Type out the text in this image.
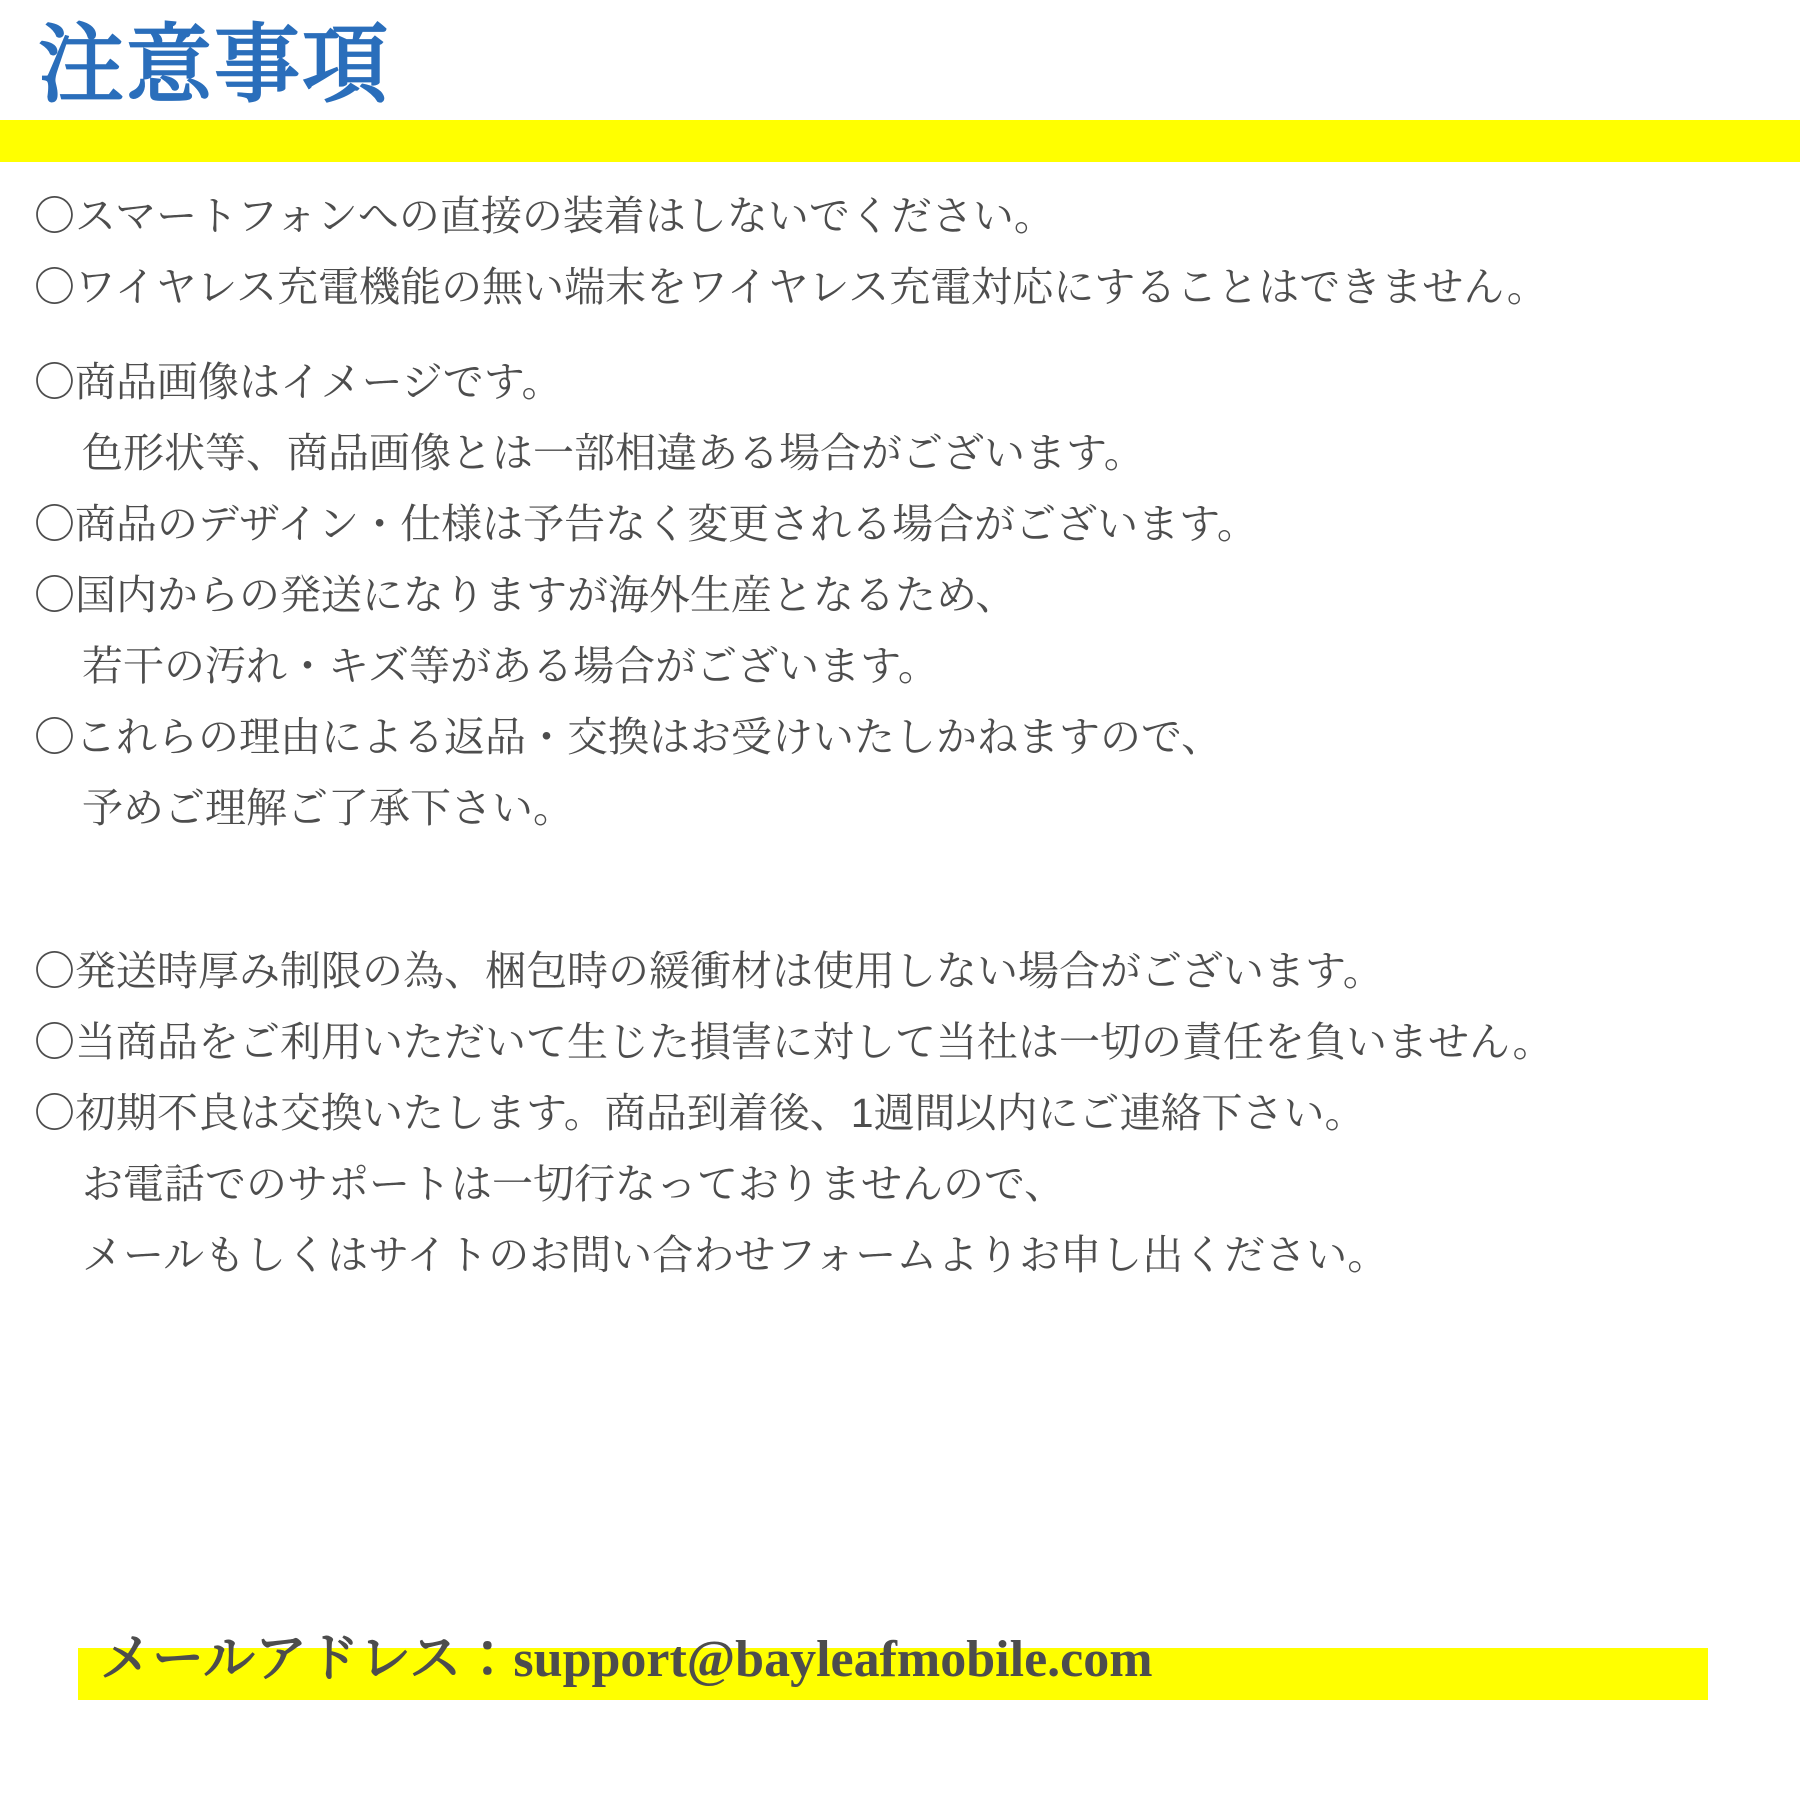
注意事項

〇スマートフォンへの直接の装着はしないでください。

〇ワイヤレス充電機能の無い端末をワイヤレス充電対応にすることはできません。

〇商品画像はイメージです。

色形状等、商品画像とは一部相違ある場合がございます。

〇商品のデザイン・仕様は予告なく変更される場合がございます。

〇国内からの発送になりますが海外生産となるため、

若干の汚れ・キズ等がある場合がございます。

〇これらの理由による返品・交換はお受けいたしかねますので、

予めご理解ご了承下さい。

〇発送時厚み制限の為、梱包時の緩衝材は使用しない場合がございます。

〇当商品をご利用いただいて生じた損害に対して当社は一切の責任を負いません。

〇初期不良は交換いたします。商品到着後、1週間以内にご連絡下さい。

お電話でのサポートは一切行なっておりませんので、

メールもしくはサイトのお問い合わせフォームよりお申し出ください。

メールアドレス：support@bayleafmobile.com
